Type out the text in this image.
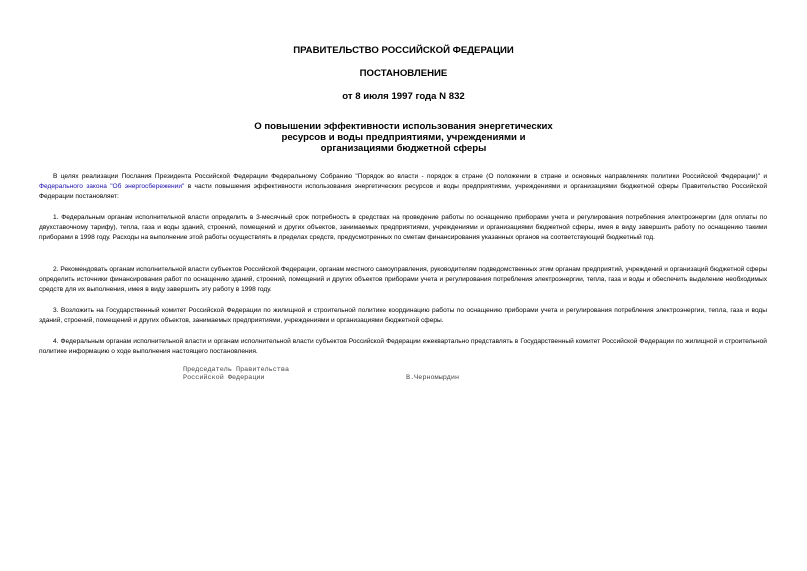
ПРАВИТЕЛЬСТВО РОССИЙСКОЙ ФЕДЕРАЦИИ
ПОСТАНОВЛЕНИЕ
от 8 июля 1997 года N 832
О повышении эффективности использования энергетических
ресурсов и воды предприятиями, учреждениями и
организациями бюджетной сферы
В целях реализации Послания Президента Российской Федерации Федеральному Собранию "Порядок во власти - порядок в стране (О положении в стране и основных направлениях политики Российской Федерации)" и Федерального закона "Об энергосбережении" в части повышения эффективности использования энергетических ресурсов и воды предприятиями, учреждениями и организациями бюджетной сферы Правительство Российской Федерации постановляет:
1. Федеральным органам исполнительной власти определить в 3-месячный срок потребность в средствах на проведение работы по оснащению приборами учета и регулирования потребления электроэнергии (для оплаты по двухставочному тарифу), тепла, газа и воды зданий, строений, помещений и других объектов, занимаемых предприятиями, учреждениями и организациями бюджетной сферы, имея в виду завершить работу по оснащению такими приборами в 1998 году. Расходы на выполнение этой работы осуществлять в пределах средств, предусмотренных по сметам финансирования указанных органов на соответствующий бюджетный год.
2. Рекомендовать органам исполнительной власти субъектов Российской Федерации, органам местного самоуправления, руководителям подведомственных этим органам предприятий, учреждений и организаций бюджетной сферы определить источники финансирования работ по оснащению зданий, строений, помещений и других объектов приборами учета и регулирования потребления электроэнергии, тепла, газа и воды и обеспечить выделение необходимых средств для их выполнения, имея в виду завершить эту работу в 1998 году.
3. Возложить на Государственный комитет Российской Федерации по жилищной и строительной политике координацию работы по оснащению приборами учета и регулирования потребления электроэнергии, тепла, газа и воды зданий, строений, помещений и других объектов, занимаемых предприятиями, учреждениями и организациями бюджетной сферы.
4. Федеральным органам исполнительной власти и органам исполнительной власти субъектов Российской Федерации ежеквартально представлять в Государственный комитет Российской Федерации по жилищной и строительной политике информацию о ходе выполнения настоящего постановления.
Председатель Правительства
Российской Федерации	В.Черномырдин
